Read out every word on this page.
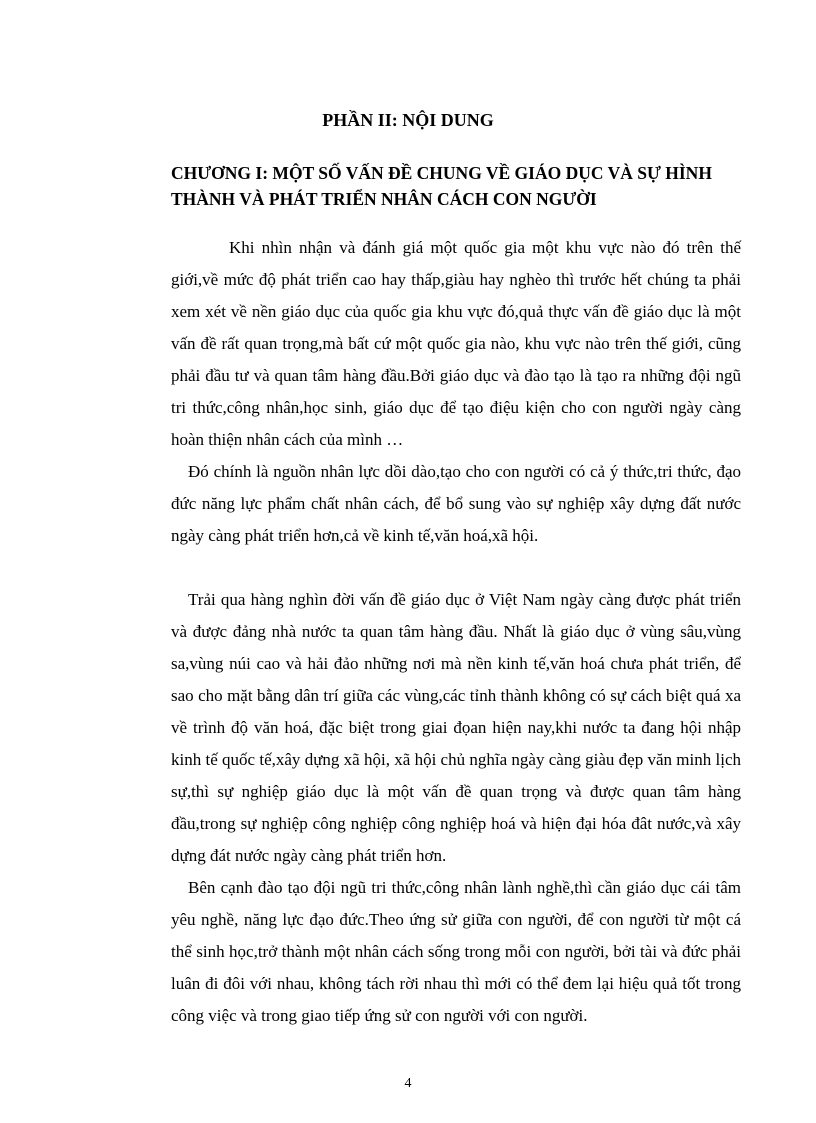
PHẦN II: NỘI DUNG
CHƯƠNG I: MỘT SỐ VẤN ĐỀ CHUNG VỀ GIÁO DỤC VÀ SỰ HÌNH THÀNH VÀ PHÁT TRIỂN NHÂN CÁCH CON NGƯỜI

Khi nhìn nhận và đánh giá một quốc gia một khu vực nào đó trên thế giới,về mức độ phát triển cao hay thấp,giàu hay nghèo thì trước hết chúng ta phải xem xét về nền giáo dục của quốc gia khu vực đó,quả thực vấn đề giáo dục là một vấn đề rất quan trọng,mà bất cứ một quốc gia nào, khu vực nào trên thế giới, cũng phải đầu tư và quan tâm hàng đầu.Bởi giáo dục và đào tạo là tạo ra những đội ngũ tri thức,công nhân,học sinh, giáo dục để tạo điệu kiện cho con người ngày càng hoàn thiện nhân cách của mình …

Đó chính là nguồn nhân lực dồi dào,tạo cho con người có cả ý thức,tri thức, đạo đức năng lực phẩm chất nhân cách, để bổ sung vào sự nghiệp xây dựng đất nước ngày càng phát triển hơn,cả về kinh tế,văn hoá,xã hội.

Trải qua hàng nghìn đời vấn đề giáo dục ở Việt Nam ngày càng được phát triển và được đảng nhà nước ta quan tâm hàng đầu. Nhất là giáo dục ở vùng sâu,vùng sa,vùng núi cao và hải đảo những nơi mà nền kinh tế,văn hoá chưa phát triển, để sao cho mặt bằng dân trí giữa các vùng,các tỉnh thành không có sự cách biệt quá xa về trình độ văn hoá, đặc biệt trong giai đọan hiện nay,khi nước ta đang hội nhập kinh tế quốc tế,xây dựng xã hội, xã hội chủ nghĩa ngày càng giàu đẹp văn minh lịch sự,thì sự nghiệp giáo dục là một vấn đề quan trọng và được quan tâm hàng đầu,trong sự nghiệp công nghiệp công nghiệp hoá và hiện đại hóa đât nước,và xây dựng đát nước ngày càng phát triển hơn.

Bên cạnh đào tạo đội ngũ tri thức,công nhân lành nghề,thì cần giáo dục cái tâm yêu nghề, năng lực đạo đức.Theo ứng sử giữa con người, để con người từ một cá thể sinh học,trở thành một nhân cách sống trong mỗi con người, bởi tài và đức phải luân đi đôi với nhau, không tách rời nhau thì mới có thể đem lại hiệu quả tốt trong công việc và trong giao tiếp ứng sử con người với con người.

4
